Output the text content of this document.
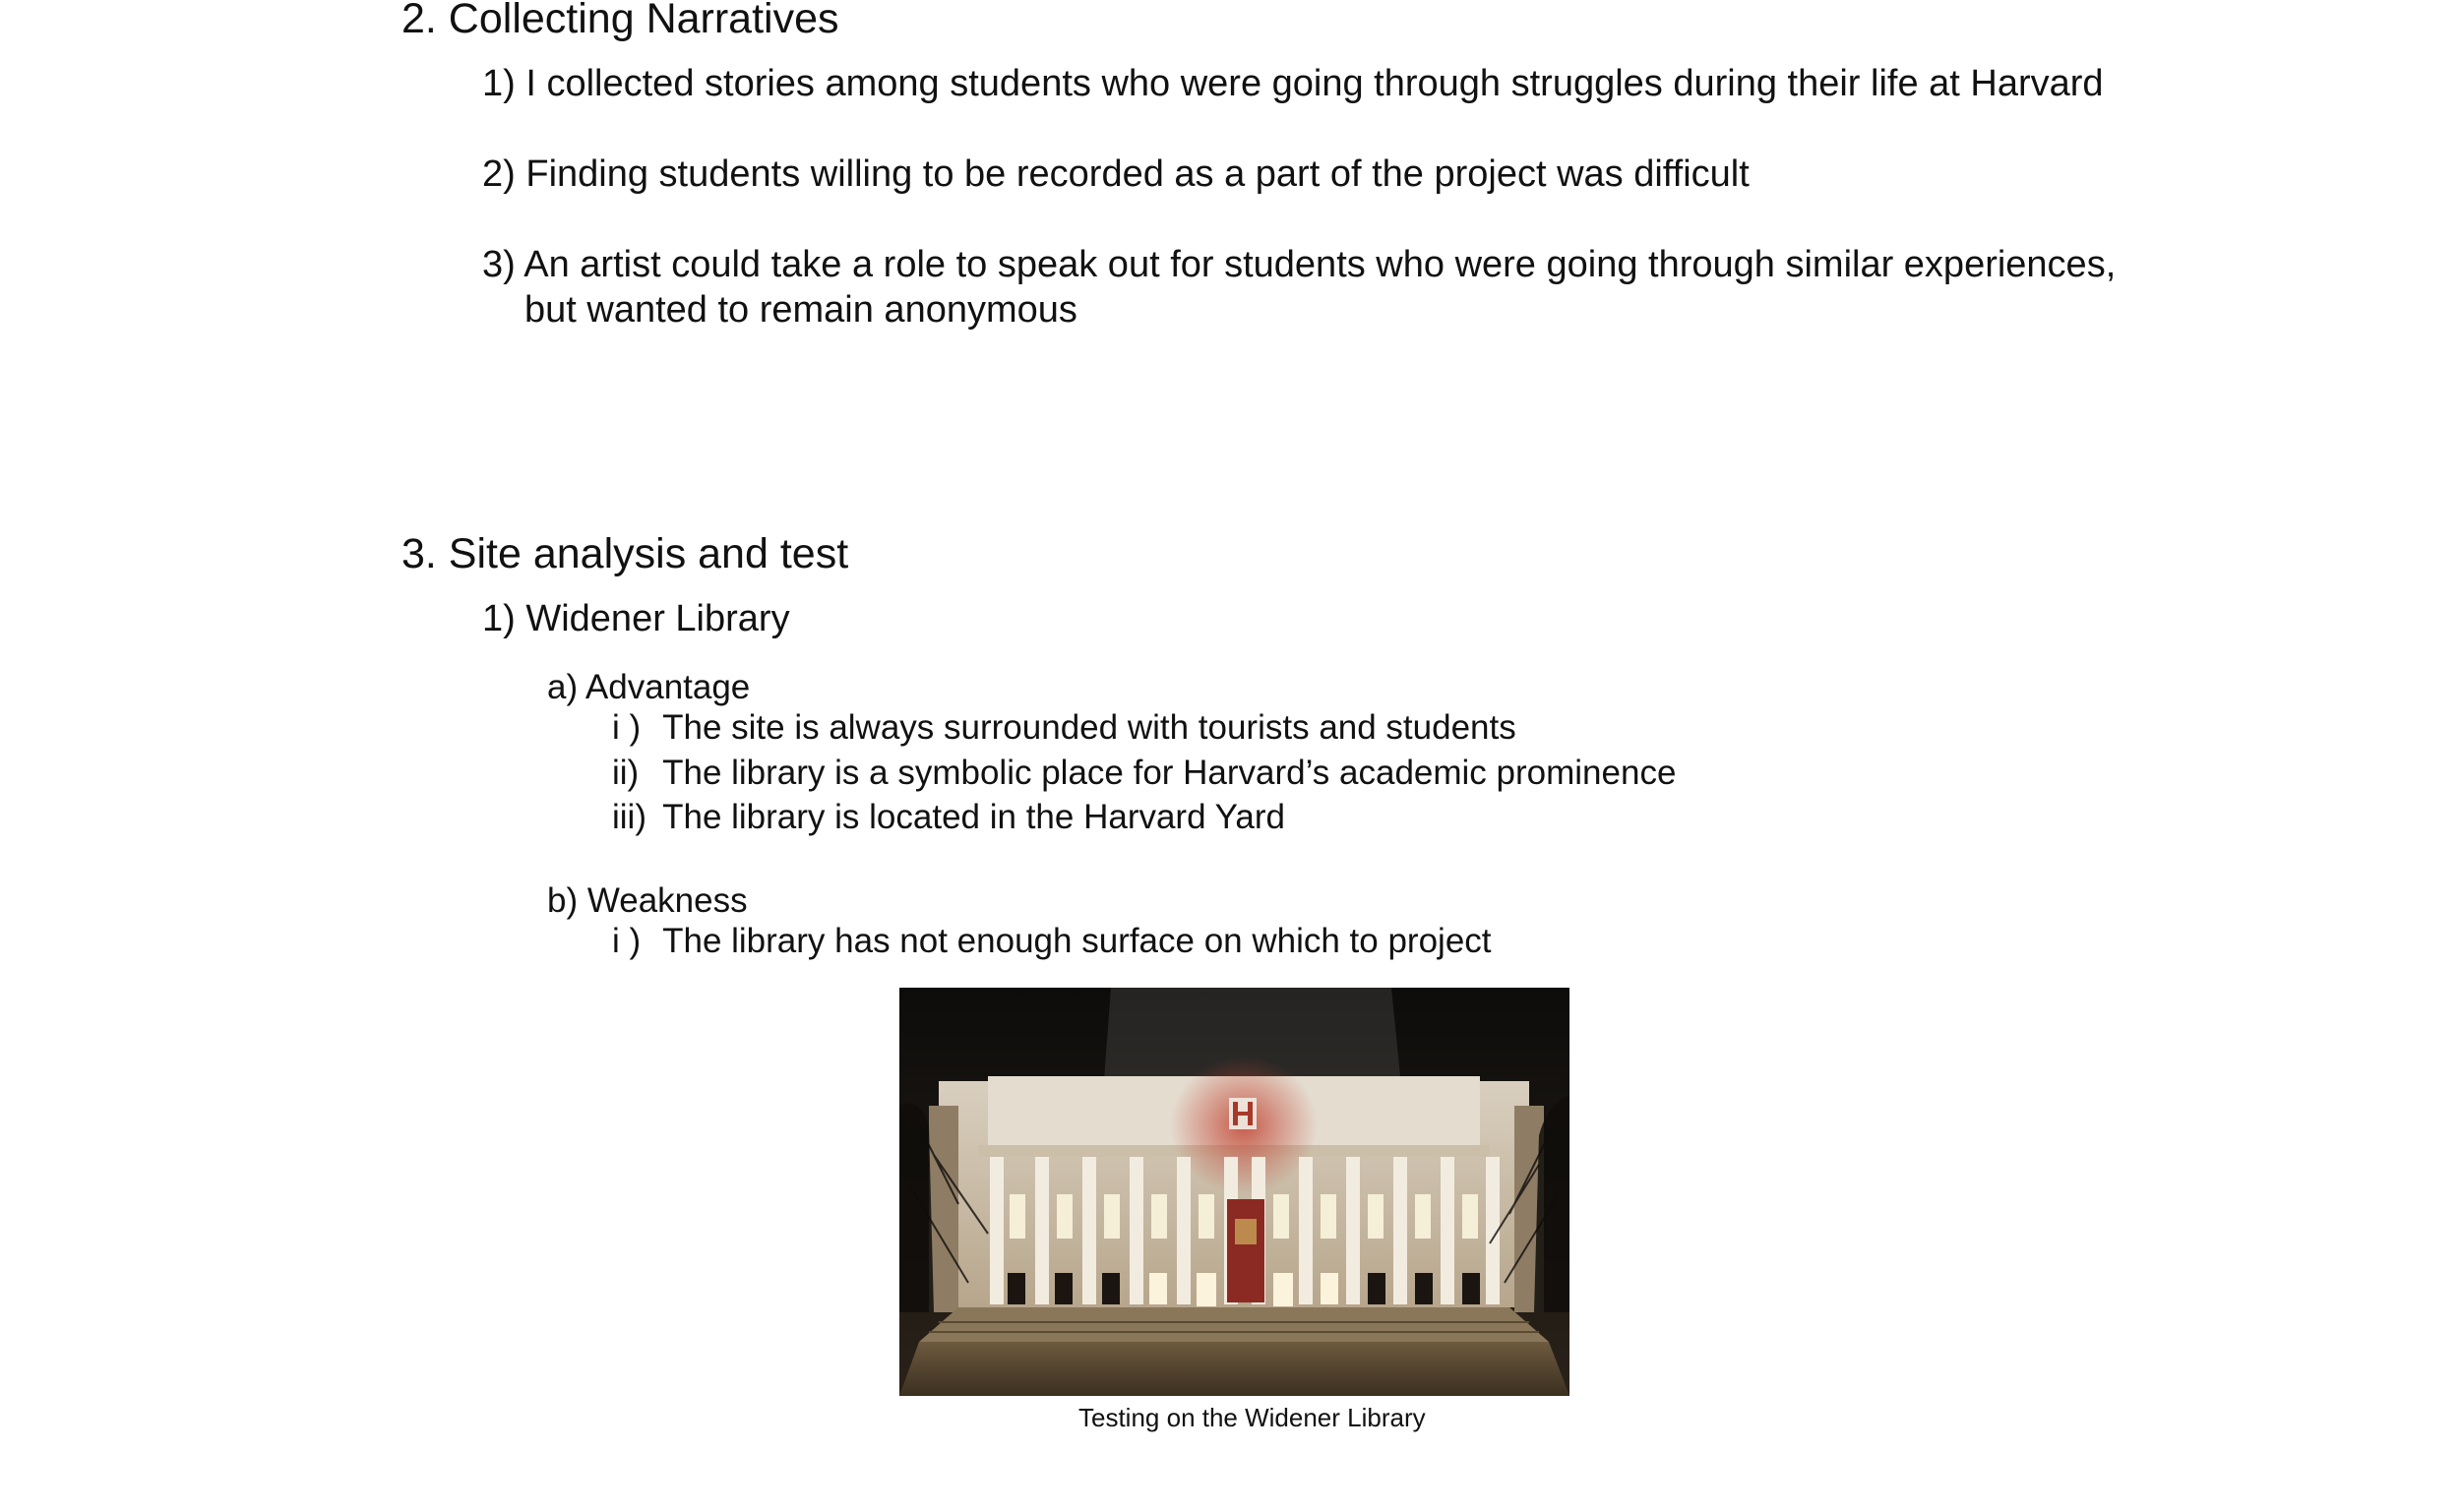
2. Collecting Narratives
1) I collected stories among students who were going through struggles during their life at Harvard
2) Finding students willing to be recorded as a part of the project was difficult
3) An artist could take a role to speak out for students who were going through similar experiences,
but wanted to remain anonymous
3. Site analysis and test
1) Widener Library
a) Advantage
i ) The site is always surrounded with tourists and students
ii) The library is a symbolic place for Harvard’s academic prominence
iii) The library is located in the Harvard Yard
b) Weakness
i ) The library has not enough surface on which to project
Testing on the Widener Library
